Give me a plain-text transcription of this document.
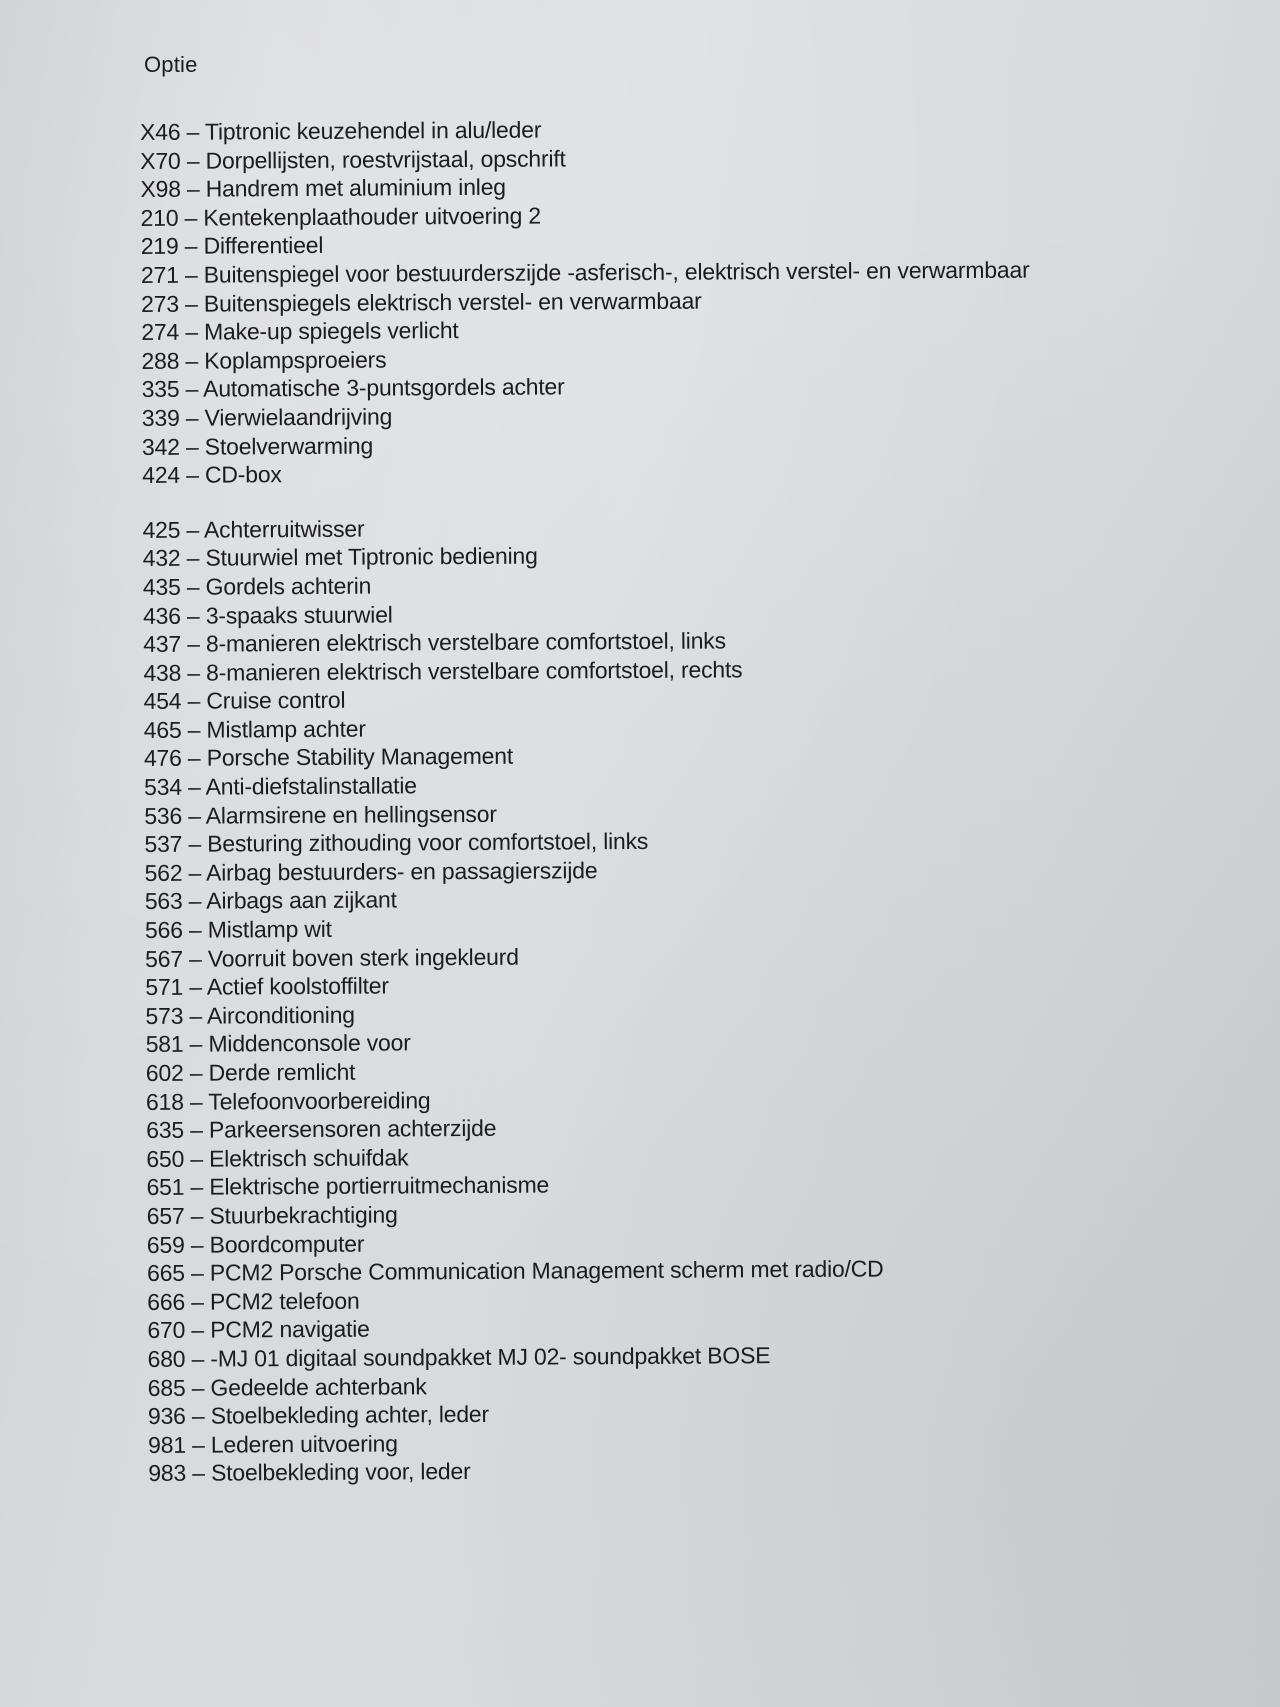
Optie
X46 – Tiptronic keuzehendel in alu/leder
X70 – Dorpellijsten, roestvrijstaal, opschrift
X98 – Handrem met aluminium inleg
210 – Kentekenplaathouder uitvoering 2
219 – Differentieel
271 – Buitenspiegel voor bestuurderszijde -asferisch-, elektrisch verstel- en verwarmbaar
273 – Buitenspiegels elektrisch verstel- en verwarmbaar
274 – Make-up spiegels verlicht
288 – Koplampsproeiers
335 – Automatische 3-puntsgordels achter
339 – Vierwielaandrijving
342 – Stoelverwarming
424 – CD-box
425 – Achterruitwisser
432 – Stuurwiel met Tiptronic bediening
435 – Gordels achterin
436 – 3-spaaks stuurwiel
437 – 8-manieren elektrisch verstelbare comfortstoel, links
438 – 8-manieren elektrisch verstelbare comfortstoel, rechts
454 – Cruise control
465 – Mistlamp achter
476 – Porsche Stability Management
534 – Anti-diefstalinstallatie
536 – Alarmsirene en hellingsensor
537 – Besturing zithouding voor comfortstoel, links
562 – Airbag bestuurders- en passagierszijde
563 – Airbags aan zijkant
566 – Mistlamp wit
567 – Voorruit boven sterk ingekleurd
571 – Actief koolstoffilter
573 – Airconditioning
581 – Middenconsole voor
602 – Derde remlicht
618 – Telefoonvoorbereiding
635 – Parkeersensoren achterzijde
650 – Elektrisch schuifdak
651 – Elektrische portierruitmechanisme
657 – Stuurbekrachtiging
659 – Boordcomputer
665 – PCM2 Porsche Communication Management scherm met radio/CD
666 – PCM2 telefoon
670 – PCM2 navigatie
680 – -MJ 01 digitaal soundpakket MJ 02- soundpakket BOSE
685 – Gedeelde achterbank
936 – Stoelbekleding achter, leder
981 – Lederen uitvoering
983 – Stoelbekleding voor, leder
